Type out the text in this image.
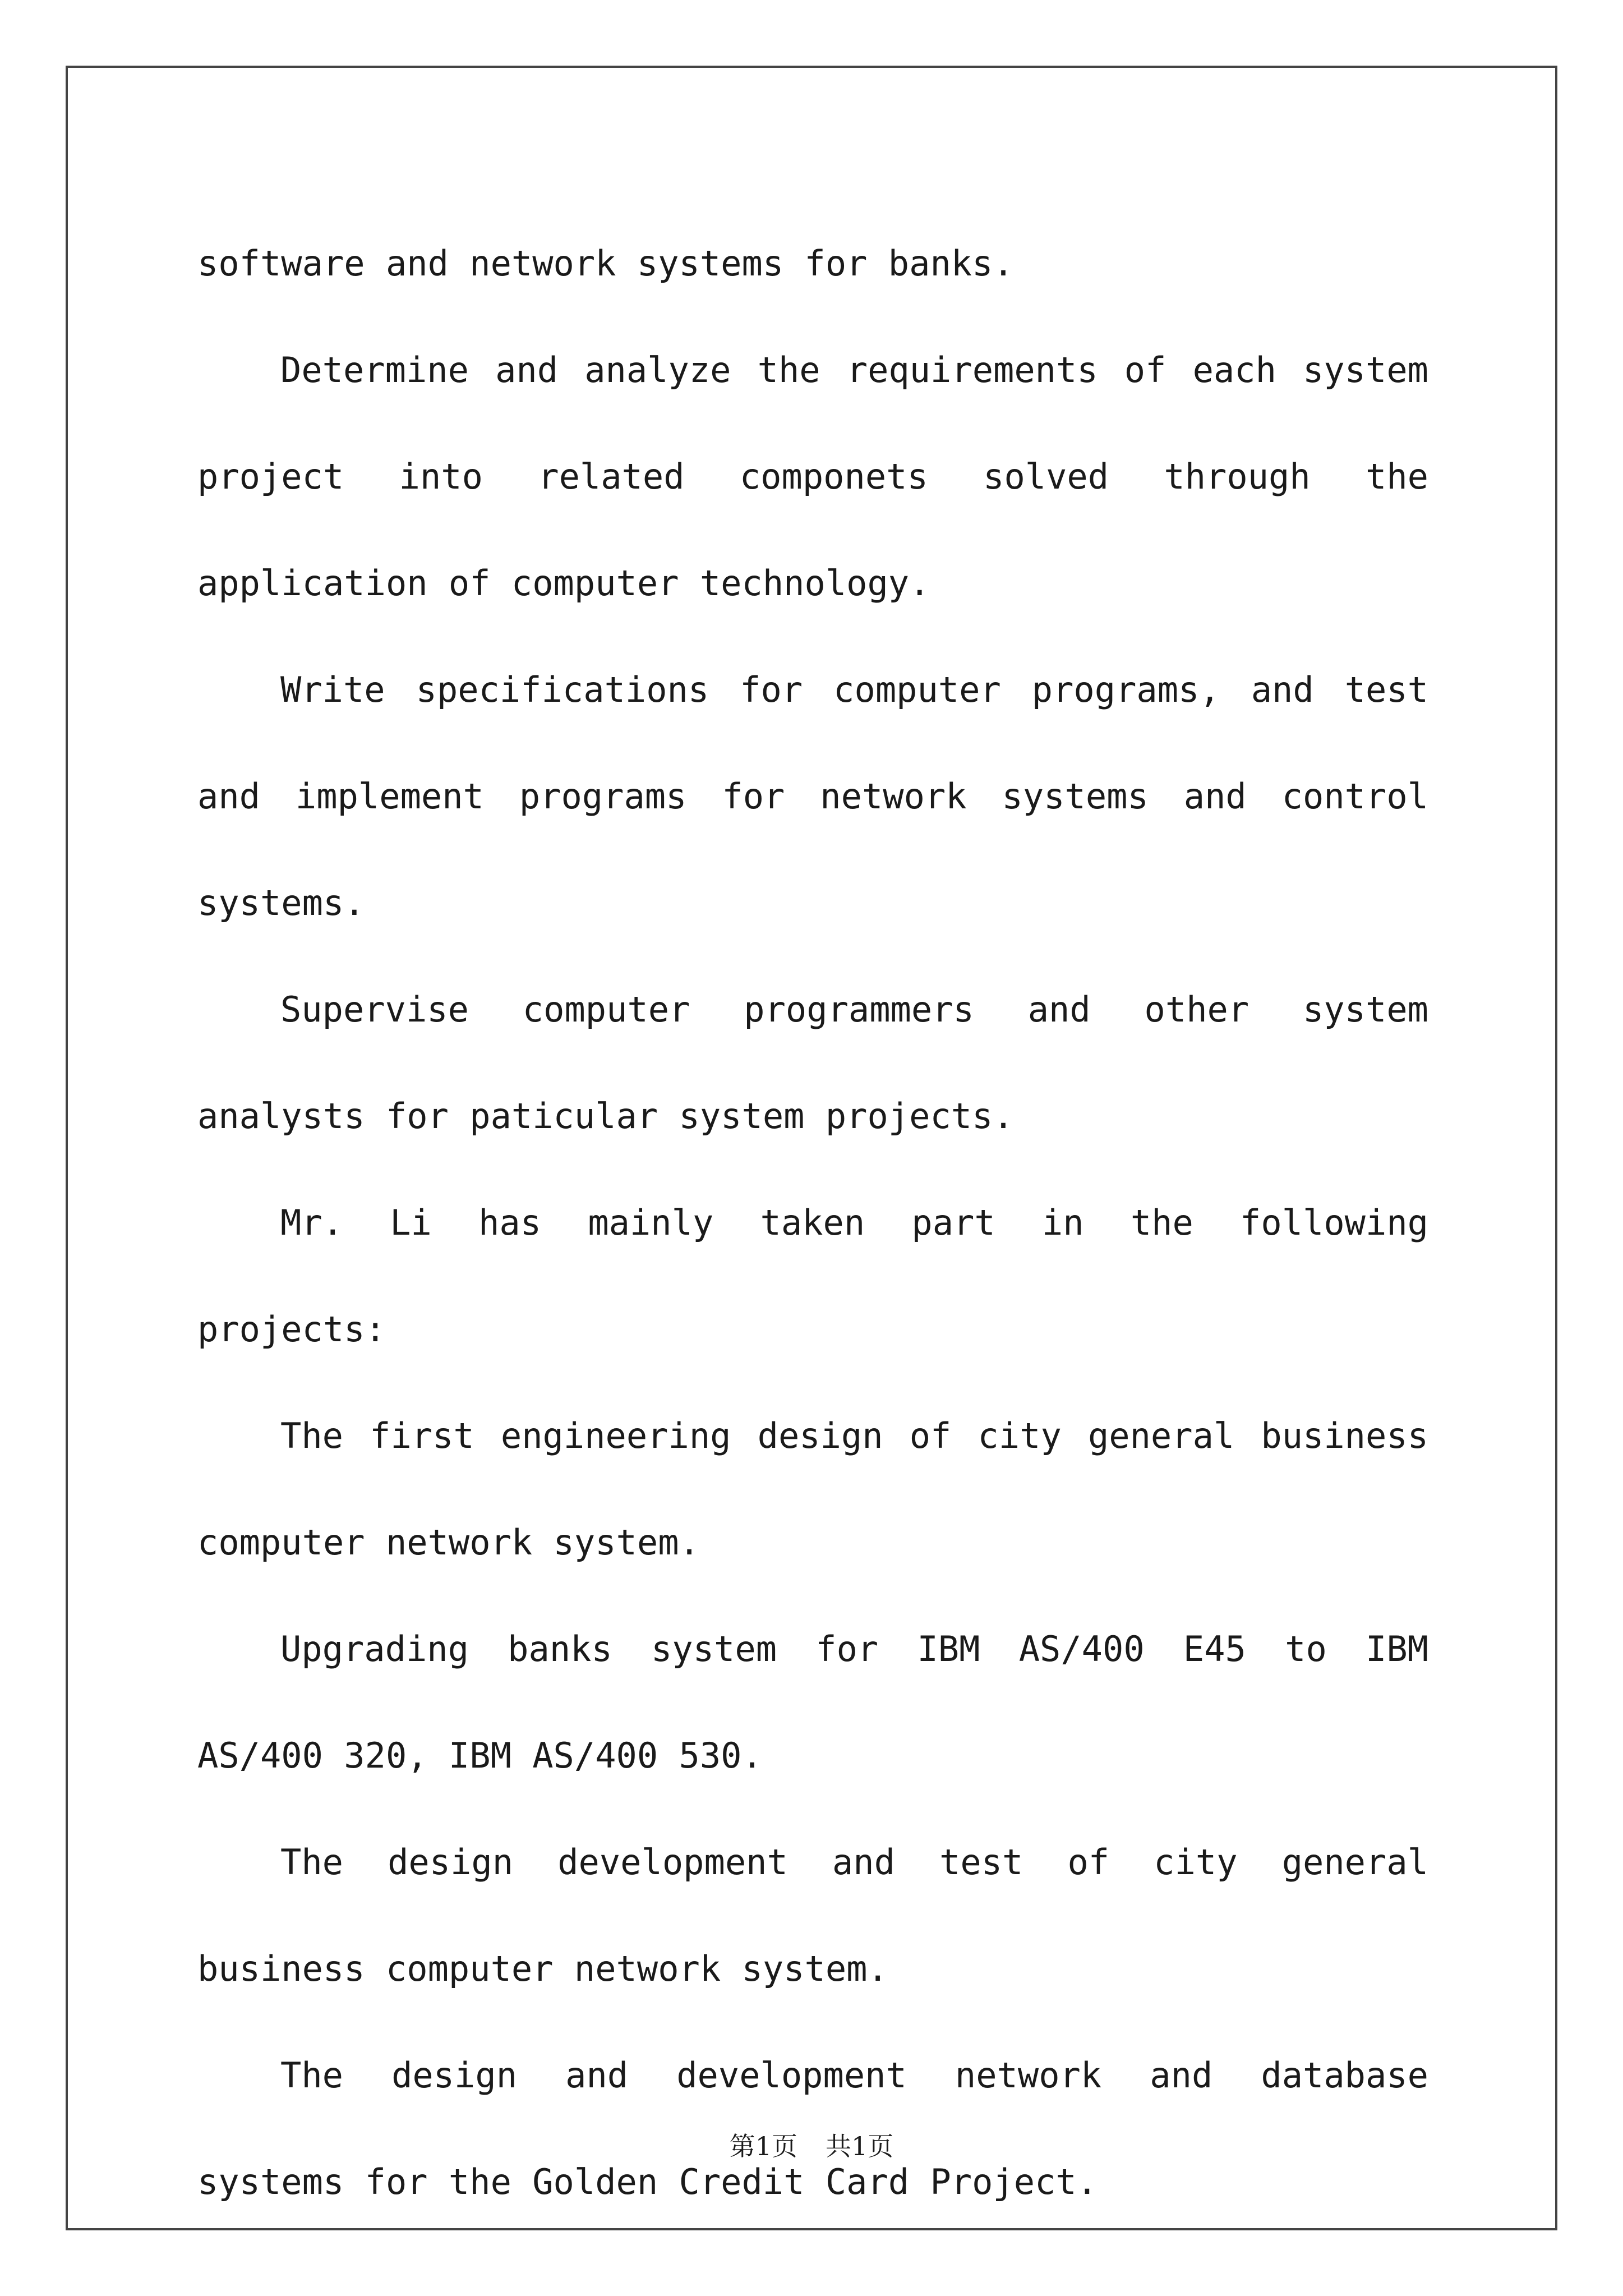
software and network systems for banks.

Determine and analyze the requirements of each system project into related componets solved through the application of computer technology.

Write specifications for computer programs, and test and implement programs for network systems and control systems.

Supervise computer programmers and other system analysts for paticular system projects.

Mr. Li has mainly taken part in the following projects:

The first engineering design of city general business computer network system.

Upgrading banks system for IBM AS/400 E45 to IBM AS/400 320, IBM AS/400 530.

The design development and test of city general business computer network system.

The design and development network and database systems for the Golden Credit Card Project.

第1页 共1页
